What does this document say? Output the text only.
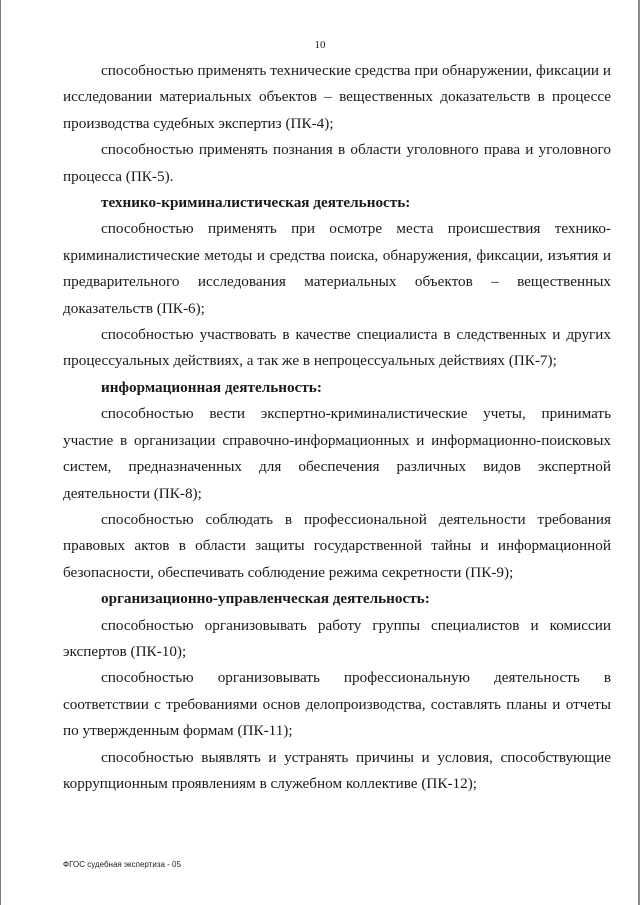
10

способностью применять технические средства при обнаружении, фиксации и исследовании материальных объектов – вещественных доказательств в процессе производства судебных экспертиз (ПК-4);

способностью применять познания в области уголовного права и уголовного процесса (ПК-5).

технико-криминалистическая деятельность:

способностью применять при осмотре места происшествия технико-криминалистические методы и средства поиска, обнаружения, фиксации, изъятия и предварительного исследования материальных объектов – вещественных доказательств (ПК-6);

способностью участвовать в качестве специалиста в следственных и других процессуальных действиях, а так же в непроцессуальных действиях (ПК-7);

информационная деятельность:

способностью вести экспертно-криминалистические учеты, принимать участие в организации справочно-информационных и информационно-поисковых систем, предназначенных для обеспечения различных видов экспертной деятельности (ПК-8);

способностью соблюдать в профессиональной деятельности требования правовых актов в области защиты государственной тайны и информационной безопасности, обеспечивать соблюдение режима секретности (ПК-9);

организационно-управленческая деятельность:

способностью организовывать работу группы специалистов и комиссии экспертов (ПК-10);

способностью организовывать профессиональную деятельность в соответствии с требованиями основ делопроизводства, составлять планы и отчеты по утвержденным формам (ПК-11);

способностью выявлять и устранять причины и условия, способствующие коррупционным проявлениям в служебном коллективе (ПК-12);

ФГОС судебная экспертиза - 05
